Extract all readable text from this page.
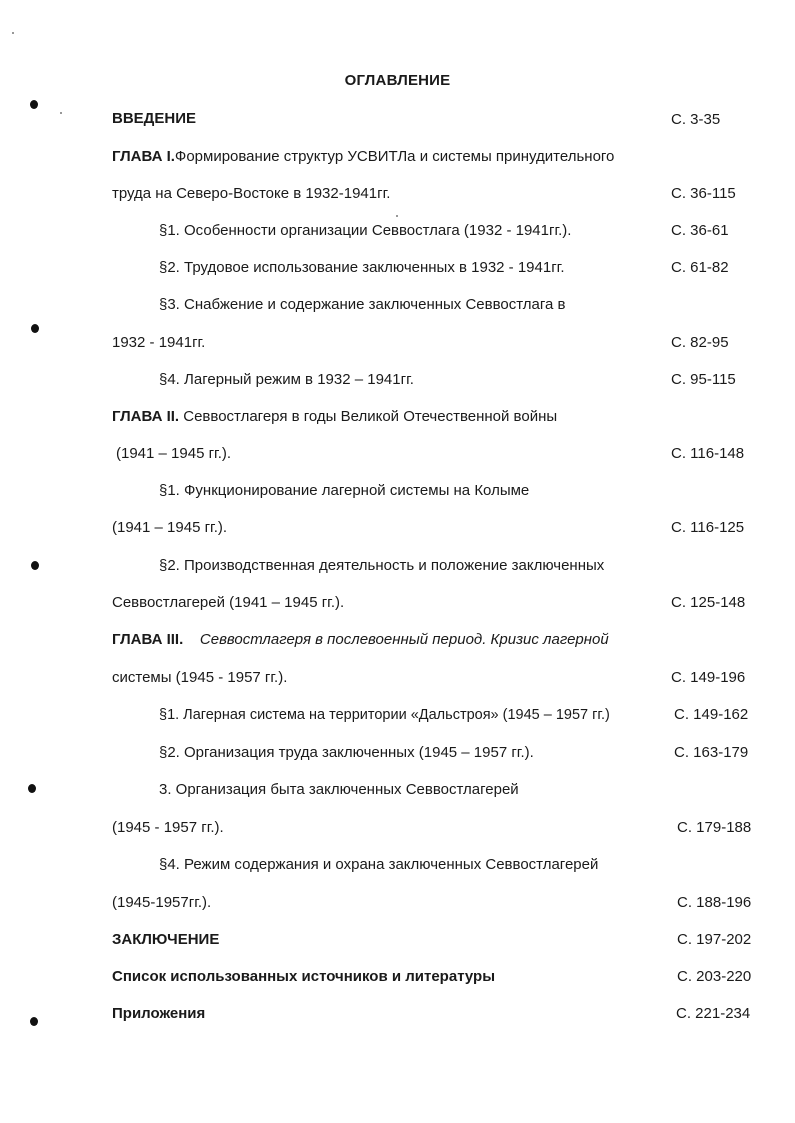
ОГЛАВЛЕНИЕ
ВВЕДЕНИЕ	С. 3-35
ГЛАВА I.Формирование структур УСВИТЛа и системы принудительного
труда на Северо-Востоке в 1932-1941гг.	С. 36-115
§1. Особенности организации Севвостлага (1932 - 1941гг.).	С. 36-61
§2. Трудовое использование заключенных в 1932 - 1941гг.	С. 61-82
§3. Снабжение и содержание заключенных Севвостлага в
1932 - 1941гг.	С. 82-95
§4. Лагерный режим в 1932 – 1941гг.	С. 95-115
ГЛАВА II. Севвостлагеря в годы Великой Отечественной войны
(1941 – 1945 гг.).	С. 116-148
§1. Функционирование лагерной системы на Колыме
(1941 – 1945 гг.).	С. 116-125
§2. Производственная деятельность и положение заключенных
Севвостлагерей (1941 – 1945 гг.).	С. 125-148
ГЛАВА III. Севвостлагеря в послевоенный период. Кризис лагерной
системы (1945 - 1957 гг.).	С. 149-196
§1. Лагерная система на территории «Дальстроя» (1945 – 1957 гг.)	С. 149-162
§2. Организация труда заключенных (1945 – 1957 гг.).	С. 163-179
3. Организация быта заключенных Севвостлагерей
(1945 - 1957 гг.).	С. 179-188
§4. Режим содержания и охрана заключенных Севвостлагерей
(1945-1957гг.).	С. 188-196
ЗАКЛЮЧЕНИЕ	С. 197-202
Список использованных источников и литературы	С. 203-220
Приложения	С. 221-234
